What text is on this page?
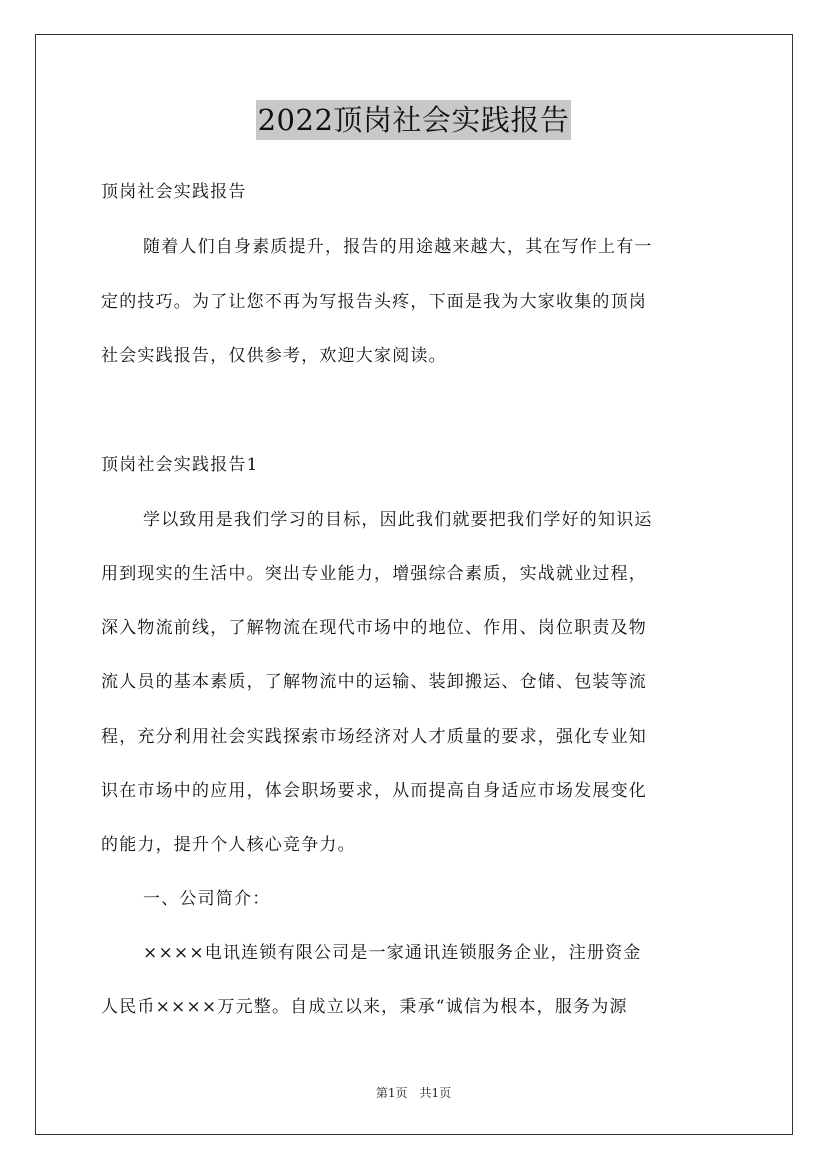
2022顶岗社会实践报告
顶岗社会实践报告
随着人们自身素质提升，报告的用途越来越大，其在写作上有一
定的技巧。为了让您不再为写报告头疼，下面是我为大家收集的顶岗
社会实践报告，仅供参考，欢迎大家阅读。
顶岗社会实践报告1
学以致用是我们学习的目标，因此我们就要把我们学好的知识运
用到现实的生活中。突出专业能力，增强综合素质，实战就业过程，
深入物流前线，了解物流在现代市场中的地位、作用、岗位职责及物
流人员的基本素质，了解物流中的运输、装卸搬运、仓储、包装等流
程，充分利用社会实践探索市场经济对人才质量的要求，强化专业知
识在市场中的应用，体会职场要求，从而提高自身适应市场发展变化
的能力，提升个人核心竞争力。
一、公司简介：
××××电讯连锁有限公司是一家通讯连锁服务企业，注册资金
人民币××××万元整。自成立以来，秉承“诚信为根本，服务为源
第1页　共1页
